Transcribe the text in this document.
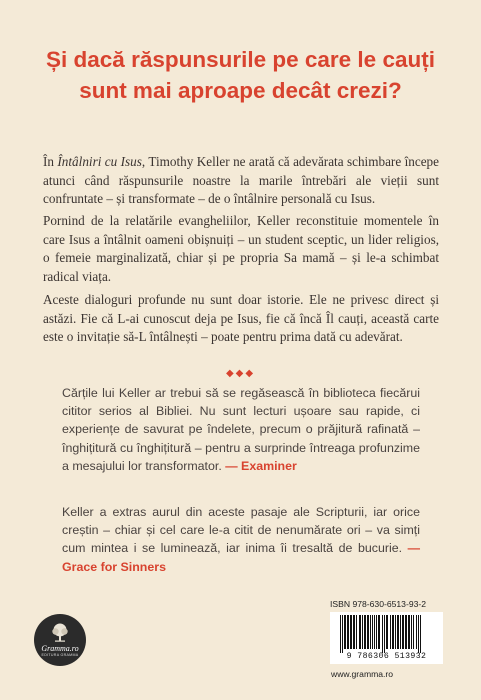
Și dacă răspunsurile pe care le cauți
sunt mai aproape decât crezi?
În Întâlniri cu Isus, Timothy Keller ne arată că adevărata schimbare începe atunci când răspunsurile noastre la marile întrebări ale vieții sunt confruntate – și transformate – de o întâlnire personală cu Isus.
Pornind de la relatările evangheliilor, Keller reconstituie momentele în care Isus a întâlnit oameni obișnuiți – un student sceptic, un lider religios, o femeie marginalizată, chiar și pe propria Sa mamă – și le-a schimbat radical viața.
Aceste dialoguri profunde nu sunt doar istorie. Ele ne privesc direct și astăzi. Fie că L-ai cunoscut deja pe Isus, fie că încă Îl cauți, această carte este o invitație să-L întâlnești – poate pentru prima dată cu adevărat.
◆◆◆
Cărțile lui Keller ar trebui să se regăsească în biblioteca fiecărui cititor serios al Bibliei. Nu sunt lecturi ușoare sau rapide, ci experiențe de savurat pe îndelete, precum o prăjitură rafinată – înghițitură cu înghițitură – pentru a surprinde întreaga profunzime a mesajului lor transformator. — Examiner
Keller a extras aurul din aceste pasaje ale Scripturii, iar orice creștin – chiar și cel care le-a citit de nenumărate ori – va simți cum mintea i se luminează, iar inima îi tresaltă de bucurie. — Grace for Sinners
Gramma.ro
EDITURA GRAMMA
ISBN 978-630-6513-93-2
9 786306 513932
www.gramma.ro
